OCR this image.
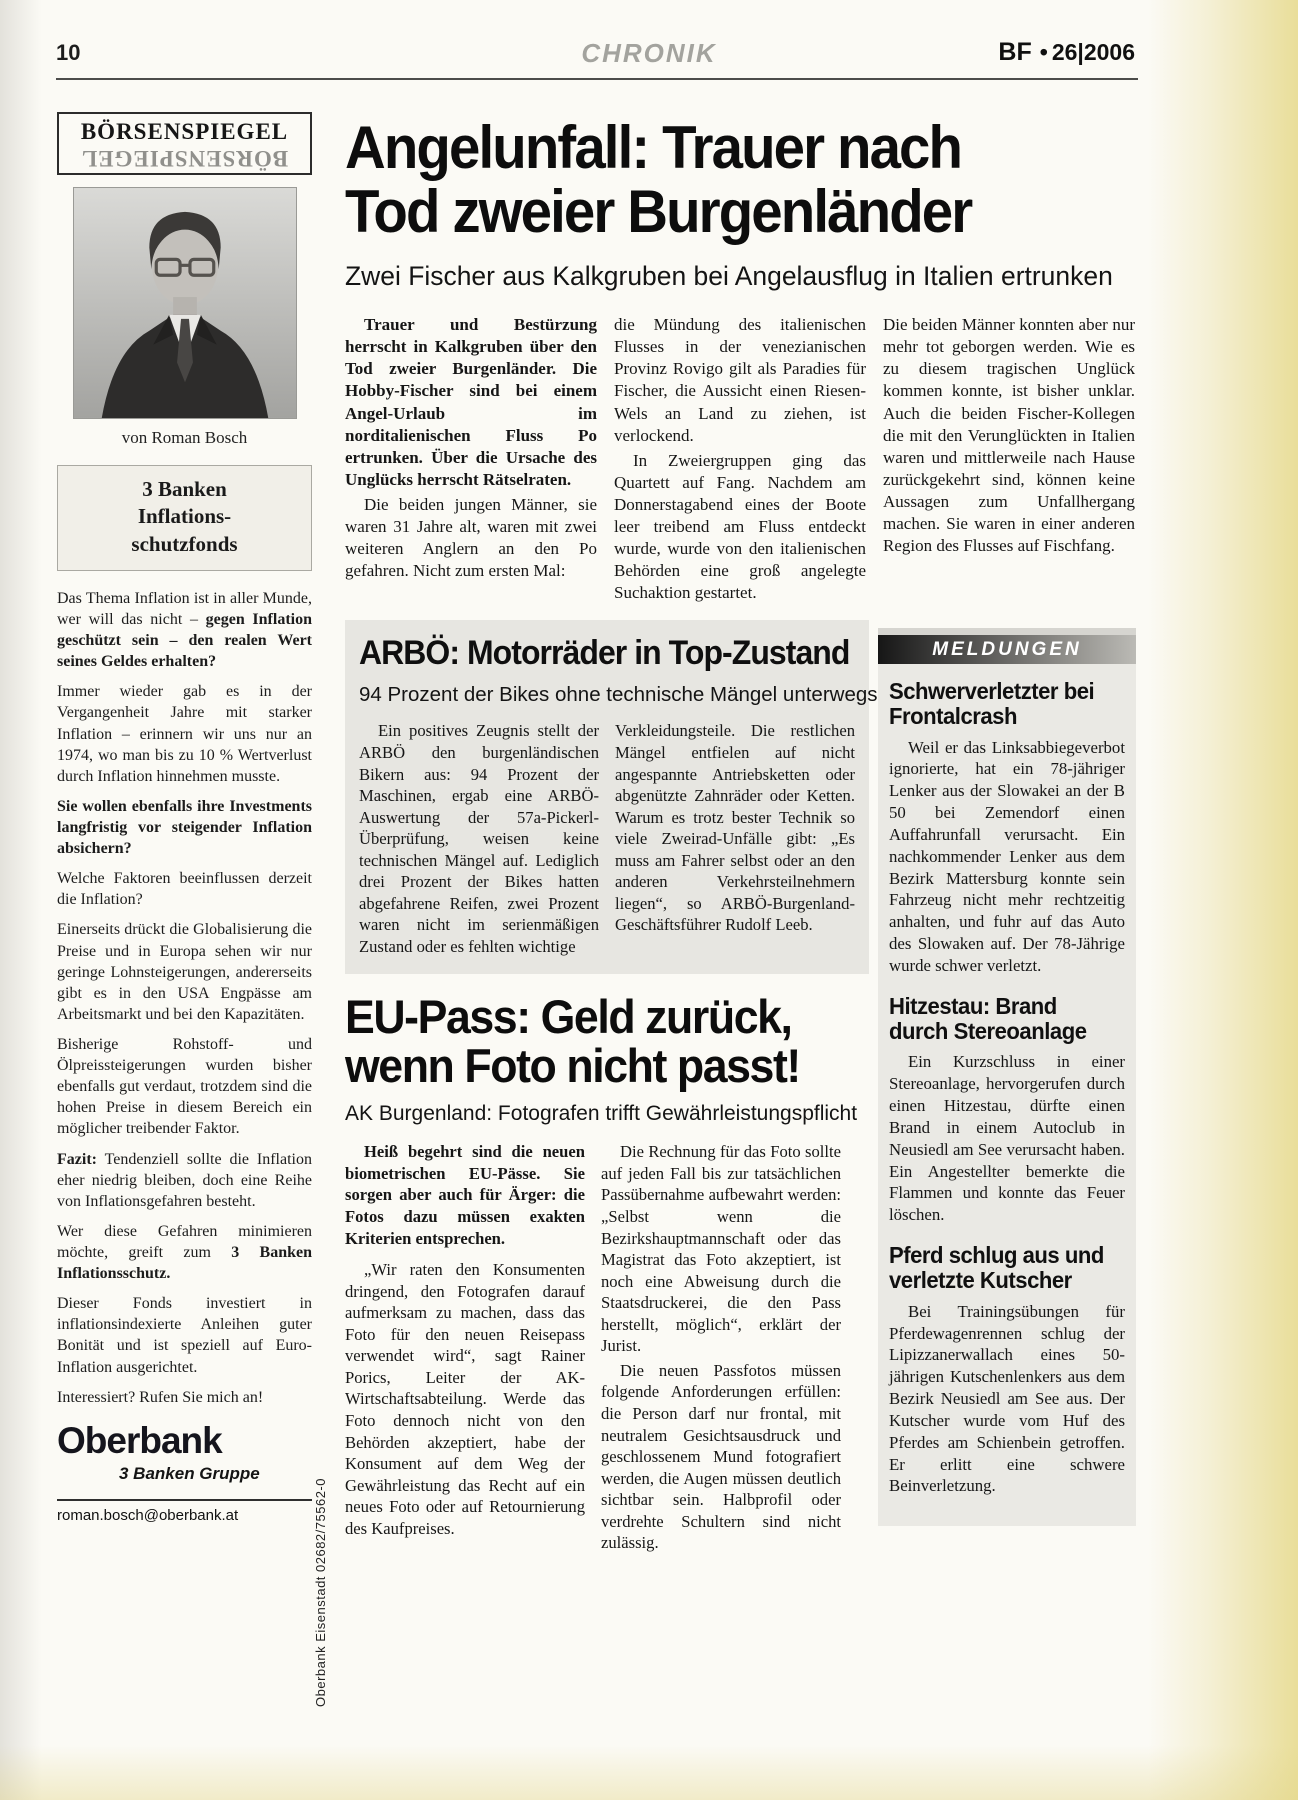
10	CHRONIK	BF • 26|2006
BÖRSENSPIEGEL
BÖRSENSPIEGEL
von Roman Bosch
3 Banken
Inflations-
schutzfonds

Das Thema Inflation ist in aller Munde, wer will das nicht – gegen Inflation geschützt sein – den realen Wert seines Geldes erhalten?

Immer wieder gab es in der Vergangenheit Jahre mit starker Inflation – erinnern wir uns nur an 1974, wo man bis zu 10 % Wertverlust durch Inflation hinnehmen musste.

Sie wollen ebenfalls ihre Investments langfristig vor steigender Inflation absichern?

Welche Faktoren beeinflussen derzeit die Inflation?

Einerseits drückt die Globalisierung die Preise und in Europa sehen wir nur geringe Lohnsteigerungen, andererseits gibt es in den USA Engpässe am Arbeitsmarkt und bei den Kapazitäten.

Bisherige Rohstoff- und Ölpreissteigerungen wurden bisher ebenfalls gut verdaut, trotzdem sind die hohen Preise in diesem Bereich ein möglicher treibender Faktor.

Fazit: Tendenziell sollte die Inflation eher niedrig bleiben, doch eine Reihe von Inflationsgefahren besteht.

Wer diese Gefahren minimieren möchte, greift zum 3 Banken Inflationsschutz.

Dieser Fonds investiert in inflationsindexierte Anleihen guter Bonität und ist speziell auf Euro-Inflation ausgerichtet.

Interessiert? Rufen Sie mich an!

Oberbank
3 Banken Gruppe
roman.bosch@oberbank.at	Oberbank Eisenstadt 02682/75562-0
Angelunfall: Trauer nach
Tod zweier Burgenländer
Zwei Fischer aus Kalkgruben bei Angelausflug in Italien ertrunken

Trauer und Bestürzung herrscht in Kalkgruben über den Tod zweier Burgenländer. Die Hobby-Fischer sind bei einem Angel-Urlaub im norditalienischen Fluss Po ertrunken. Über die Ursache des Unglücks herrscht Rätselraten.

Die beiden jungen Männer, sie waren 31 Jahre alt, waren mit zwei weiteren Anglern an den Po gefahren. Nicht zum ersten Mal:

die Mündung des italienischen Flusses in der venezianischen Provinz Rovigo gilt als Paradies für Fischer, die Aussicht einen Riesen-Wels an Land zu ziehen, ist verlockend.

In Zweiergruppen ging das Quartett auf Fang. Nachdem am Donnerstagabend eines der Boote leer treibend am Fluss entdeckt wurde, wurde von den italienischen Behörden eine groß angelegte Suchaktion gestartet.

Die beiden Männer konnten aber nur mehr tot geborgen werden. Wie es zu diesem tragischen Unglück kommen konnte, ist bisher unklar. Auch die beiden Fischer-Kollegen die mit den Verunglückten in Italien waren und mittlerweile nach Hause zurückgekehrt sind, können keine Aussagen zum Unfallhergang machen. Sie waren in einer anderen Region des Flusses auf Fischfang.

ARBÖ: Motorräder in Top-Zustand
94 Prozent der Bikes ohne technische Mängel unterwegs

Ein positives Zeugnis stellt der ARBÖ den burgenländischen Bikern aus: 94 Prozent der Maschinen, ergab eine ARBÖ-Auswertung der 57a-Pickerl-Überprüfung, weisen keine technischen Mängel auf. Lediglich drei Prozent der Bikes hatten abgefahrene Reifen, zwei Prozent waren nicht im serienmäßigen Zustand oder es fehlten wichtige

Verkleidungsteile. Die restlichen Mängel entfielen auf nicht angespannte Antriebsketten oder abgenützte Zahnräder oder Ketten. Warum es trotz bester Technik so viele Zweirad-Unfälle gibt: „Es muss am Fahrer selbst oder an den anderen Verkehrsteilnehmern liegen“, so ARBÖ-Burgenland-Geschäftsführer Rudolf Leeb.

EU-Pass: Geld zurück,
wenn Foto nicht passt!
AK Burgenland: Fotografen trifft Gewährleistungspflicht

Heiß begehrt sind die neuen biometrischen EU-Pässe. Sie sorgen aber auch für Ärger: die Fotos dazu müssen exakten Kriterien entsprechen.

„Wir raten den Konsumenten dringend, den Fotografen darauf aufmerksam zu machen, dass das Foto für den neuen Reisepass verwendet wird“, sagt Rainer Porics, Leiter der AK-Wirtschaftsabteilung. Werde das Foto dennoch nicht von den Behörden akzeptiert, habe der Konsument auf dem Weg der Gewährleistung das Recht auf ein neues Foto oder auf Retournierung des Kaufpreises.

Die Rechnung für das Foto sollte auf jeden Fall bis zur tatsächlichen Passübernahme aufbewahrt werden: „Selbst wenn die Bezirkshauptmannschaft oder das Magistrat das Foto akzeptiert, ist noch eine Abweisung durch die Staatsdruckerei, die den Pass herstellt, möglich“, erklärt der Jurist.

Die neuen Passfotos müssen folgende Anforderungen erfüllen: die Person darf nur frontal, mit neutralem Gesichtsausdruck und geschlossenem Mund fotografiert werden, die Augen müssen deutlich sichtbar sein. Halbprofil oder verdrehte Schultern sind nicht zulässig.

MELDUNGEN
Schwerverletzter bei Frontalcrash

Weil er das Linksabbiegeverbot ignorierte, hat ein 78-jähriger Lenker aus der Slowakei an der B 50 bei Zemendorf einen Auffahrunfall verursacht. Ein nachkommender Lenker aus dem Bezirk Mattersburg konnte sein Fahrzeug nicht mehr rechtzeitig anhalten, und fuhr auf das Auto des Slowaken auf. Der 78-Jährige wurde schwer verletzt.

Hitzestau: Brand durch Stereoanlage

Ein Kurzschluss in einer Stereoanlage, hervorgerufen durch einen Hitzestau, dürfte einen Brand in einem Autoclub in Neusiedl am See verursacht haben. Ein Angestellter bemerkte die Flammen und konnte das Feuer löschen.

Pferd schlug aus und verletzte Kutscher

Bei Trainingsübungen für Pferdewagenrennen schlug der Lipizzanerwallach eines 50-jährigen Kutschenlenkers aus dem Bezirk Neusiedl am See aus. Der Kutscher wurde vom Huf des Pferdes am Schienbein getroffen. Er erlitt eine schwere Beinverletzung.
